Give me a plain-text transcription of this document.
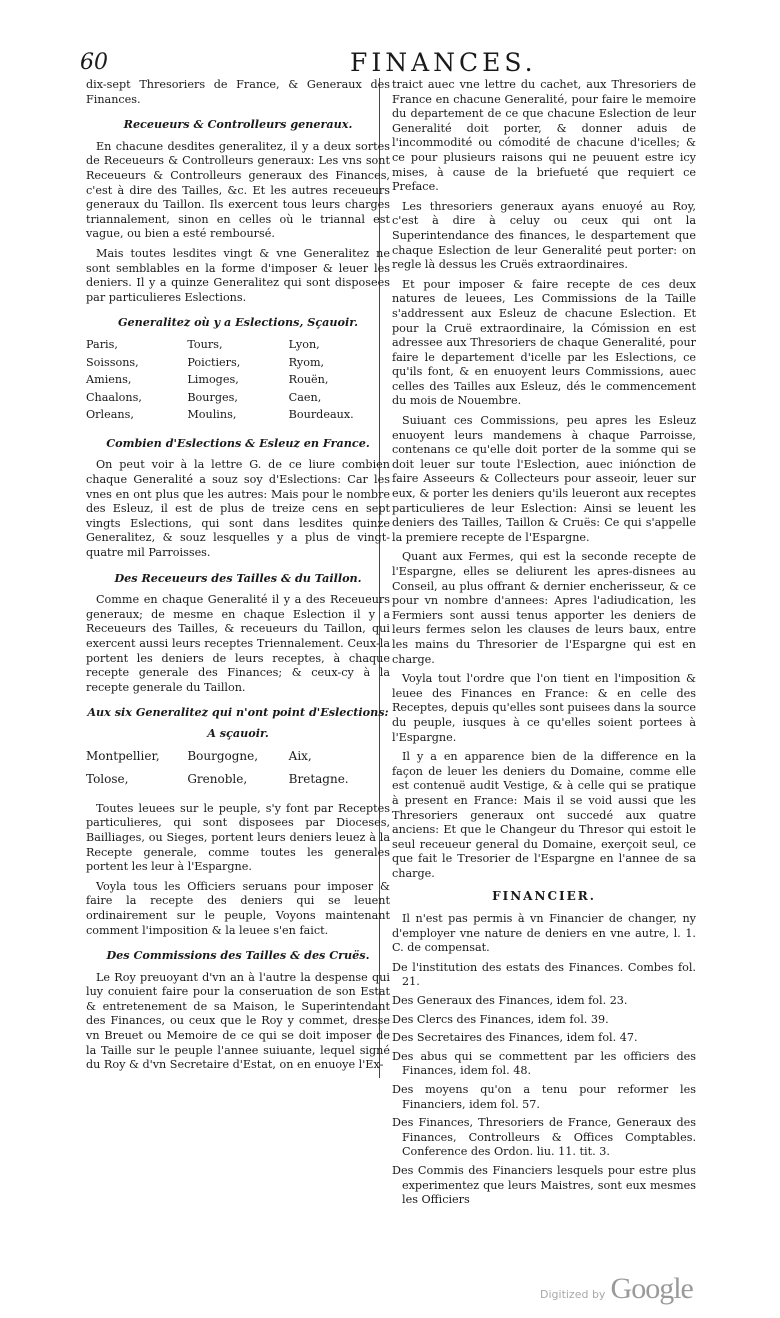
60	FINANCES.

dix-sept Thresoriers de France, & Generaux des Finances.

Receueurs & Controlleurs generaux.

En chacune desdites generalitez, il y a deux sortes de Receueurs & Controlleurs generaux: Les vns sont Receueurs & Controlleurs generaux des Finances, c'est à dire des Tailles, &c. Et les autres receueurs generaux du Taillon. Ils exercent tous leurs charges triannalement, sinon en celles où le triannal est vague, ou bien a esté remboursé.

Mais toutes lesdites vingt & vne Generalitez ne sont semblables en la forme d'imposer & leuer les deniers. Il y a quinze Generalitez qui sont disposees par particulieres Eslections.

Generalitez où y a Eslections, Sçauoir.
Paris,	Tours,	Lyon,
Soissons,	Poictiers,	Ryom,
Amiens,	Limoges,	Rouën,
Chaalons,	Bourges,	Caen,
Orleans,	Moulins,	Bourdeaux.
Combien d'Eslections & Esleuz en France.

On peut voir à la lettre G. de ce liure combien chaque Generalité a souz soy d'Eslections: Car les vnes en ont plus que les autres: Mais pour le nombre des Esleuz, il est de plus de treize cens en sept vingts Eslections, qui sont dans lesdites quinze Generalitez, & souz lesquelles y a plus de vingt-quatre mil Parroisses.

Des Receueurs des Tailles & du Taillon.

Comme en chaque Generalité il y a des Receueurs generaux; de mesme en chaque Eslection il y a Receueurs des Tailles, & receueurs du Taillon, qui exercent aussi leurs receptes Triennalement. Ceux-la portent les deniers de leurs receptes, à chaque recepte generale des Finances; & ceux-cy à la recepte generale du Taillon.

Aux six Generalitez qui n'ont point d'Eslections:
A sçauoir.
Montpellier,	Bourgogne,	Aix,
Tolose,	Grenoble,	Bretagne.

Toutes leuees sur le peuple, s'y font par Receptes particulieres, qui sont disposees par Dioceses, Bailliages, ou Sieges, portent leurs deniers leuez à la Recepte generale, comme toutes les generales portent les leur à l'Espargne.

Voyla tous les Officiers seruans pour imposer & faire la recepte des deniers qui se leuent ordinairement sur le peuple, Voyons maintenant comment l'imposition & la leuee s'en faict.

Des Commissions des Tailles & des Cruës.

Le Roy preuoyant d'vn an à l'autre la despense qui luy conuient faire pour la conseruation de son Estat & entretenement de sa Maison, le Superintendant des Finances, ou ceux que le Roy y commet, dresse vn Breuet ou Memoire de ce qui se doit imposer de la Taille sur le peuple l'annee suiuante, lequel signé du Roy & d'vn Secretaire d'Estat, on en enuoye l'Ex-

traict auec vne lettre du cachet, aux Thresoriers de France en chacune Generalité, pour faire le memoire du departement de ce que chacune Eslection de leur Generalité doit porter, & donner aduis de l'incommodité ou cómodité de chacune d'icelles; & ce pour plusieurs raisons qui ne peuuent estre icy mises, à cause de la briefueté que requiert ce Preface.

Les thresoriers generaux ayans enuoyé au Roy, c'est à dire à celuy ou ceux qui ont la Superintendance des finances, le despartement que chaque Eslection de leur Generalité peut porter: on regle là dessus les Cruës extraordinaires.

Et pour imposer & faire recepte de ces deux natures de leuees, Les Commissions de la Taille s'addressent aux Esleuz de chacune Eslection. Et pour la Cruë extraordinaire, la Cómission en est adressee aux Thresoriers de chaque Generalité, pour faire le departement d'icelle par les Eslections, ce qu'ils font, & en enuoyent leurs Commissions, auec celles des Tailles aux Esleuz, dés le commencement du mois de Nouembre.

Suiuant ces Commissions, peu apres les Esleuz enuoyent leurs mandemens à chaque Parroisse, contenans ce qu'elle doit porter de la somme qui se doit leuer sur toute l'Eslection, auec iniónction de faire Asseeurs & Collecteurs pour asseoir, leuer sur eux, & porter les deniers qu'ils leueront aux receptes particulieres de leur Eslection: Ainsi se leuent les deniers des Tailles, Taillon & Cruës: Ce qui s'appelle la premiere recepte de l'Espargne.

Quant aux Fermes, qui est la seconde recepte de l'Espargne, elles se deliurent les apres-disnees au Conseil, au plus offrant & dernier encherisseur, & ce pour vn nombre d'annees: Apres l'adiudication, les Fermiers sont aussi tenus apporter les deniers de leurs fermes selon les clauses de leurs baux, entre les mains du Thresorier de l'Espargne qui est en charge.

Voyla tout l'ordre que l'on tient en l'imposition & leuee des Finances en France: & en celle des Receptes, depuis qu'elles sont puisees dans la source du peuple, iusques à ce qu'elles soient portees à l'Espargne.

Il y a en apparence bien de la difference en la façon de leuer les deniers du Domaine, comme elle est contenuë audit Vestige, & à celle qui se pratique à present en France: Mais il se void aussi que les Thresoriers generaux ont succedé aux quatre anciens: Et que le Changeur du Thresor qui estoit le seul receueur general du Domaine, exerçoit seul, ce que fait le Tresorier de l'Espargne en l'annee de sa charge.

FINANCIER.

Il n'est pas permis à vn Financier de changer, ny d'employer vne nature de deniers en vne autre, l. 1. C. de compensat.

De l'institution des estats des Finances. Combes fol. 21.
Des Generaux des Finances, idem fol. 23.
Des Clercs des Finances, idem fol. 39.
Des Secretaires des Finances, idem fol. 47.
Des abus qui se commettent par les officiers des Finances, idem fol. 48.
Des moyens qu'on a tenu pour reformer les Financiers, idem fol. 57.
Des Finances, Thresoriers de France, Generaux des Finances, Controlleurs & Offices Comptables. Conference des Ordon. liu. 11. tit. 3.
Des Commis des Financiers lesquels pour estre plus experimentez que leurs Maistres, sont eux mesmes les Officiers
Digitized by Google
